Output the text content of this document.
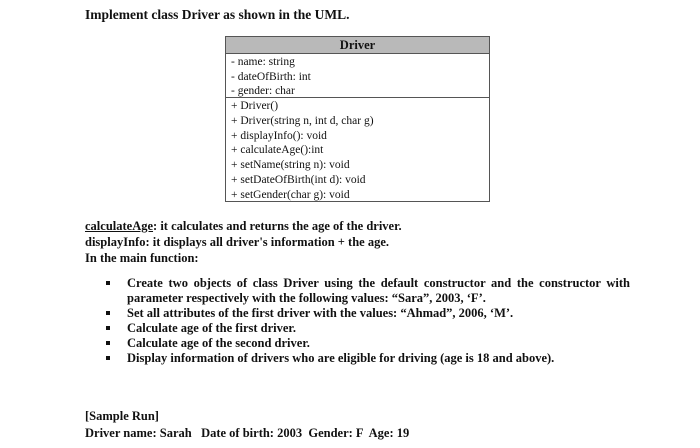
Implement class Driver as shown in the UML.
Driver
- name: string
- dateOfBirth: int
- gender: char
+ Driver()
+ Driver(string n, int d, char g)
+ displayInfo(): void
+ calculateAge():int
+ setName(string n): void
+ setDateOfBirth(int d): void
+ setGender(char g): void
calculateAge: it calculates and returns the age of the driver.
displayInfo: it displays all driver's information + the age.
In the main function:
Create two objects of class Driver using the default constructor and the constructor with parameter respectively with the following values: “Sara”, 2003, ‘F’.
Set all attributes of the first driver with the values: “Ahmad”, 2006, ‘M’.
Calculate age of the first driver.
Calculate age of the second driver.
Display information of drivers who are eligible for driving (age is 18 and above).
[Sample Run]
Driver name: Sarah   Date of birth: 2003  Gender: F  Age: 19
